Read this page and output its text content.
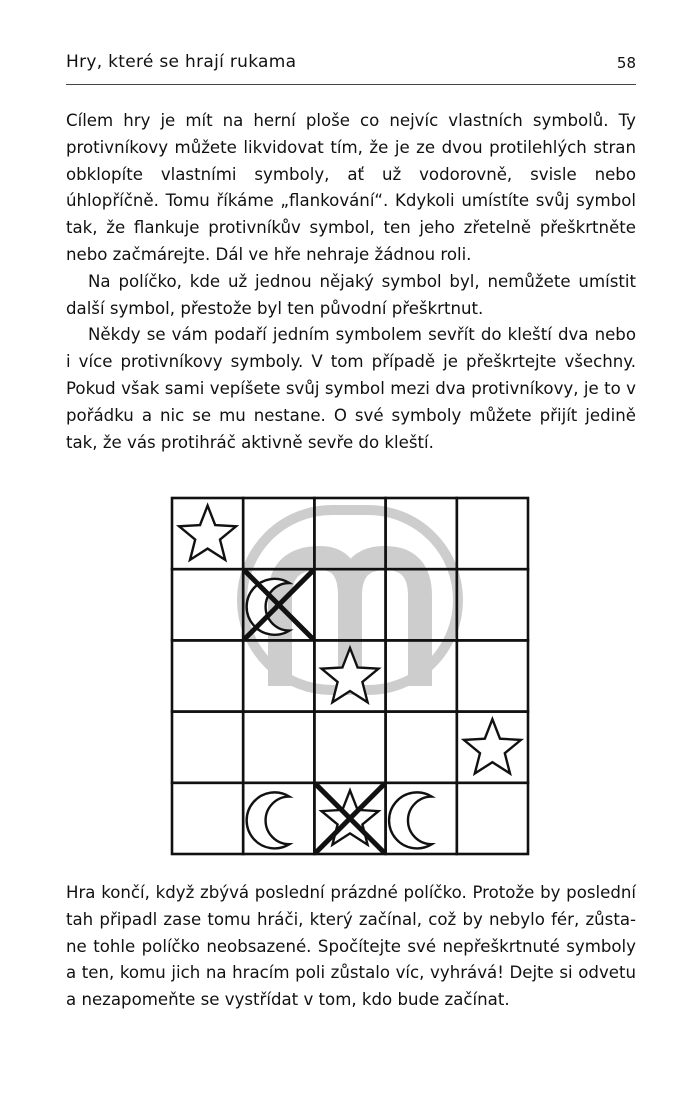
Hry, které se hrají rukama	58

Cílem hry je mít na herní ploše co nejvíc vlastních symbolů. Ty protivníkovy můžete likvidovat tím, že je ze dvou protilehlých stran obklopíte vlastními symboly, ať už vodorovně, svisle nebo úhlopříčně. Tomu říkáme „flankování“. Kdykoli umístíte svůj symbol tak, že flankuje protivníkův symbol, ten jeho zřetelně přeškrtněte nebo začmárejte. Dál ve hře nehraje žádnou roli.

Na políčko, kde už jednou nějaký symbol byl, nemůžete umístit další symbol, přestože byl ten původní přeškrtnut.

Někdy se vám podaří jedním symbolem sevřít do kleští dva nebo i více protivníkovy symboly. V tom případě je přeškrtejte všechny. Pokud však sami vepíšete svůj symbol mezi dva protivníkovy, je to v pořádku a nic se mu nestane. O své symboly můžete přijít jedině tak, že vás protihráč aktivně sevře do kleští.

Hra končí, když zbývá poslední prázdné políčko. Protože by poslední tah připadl zase tomu hráči, který začínal, což by nebylo fér, zůstane tohle políčko neobsazené. Spočítejte své nepřeškrtnuté symboly a ten, komu jich na hracím poli zůstalo víc, vyhrává! Dejte si odvetu a nezapomeňte se vystřídat v tom, kdo bude začínat.
